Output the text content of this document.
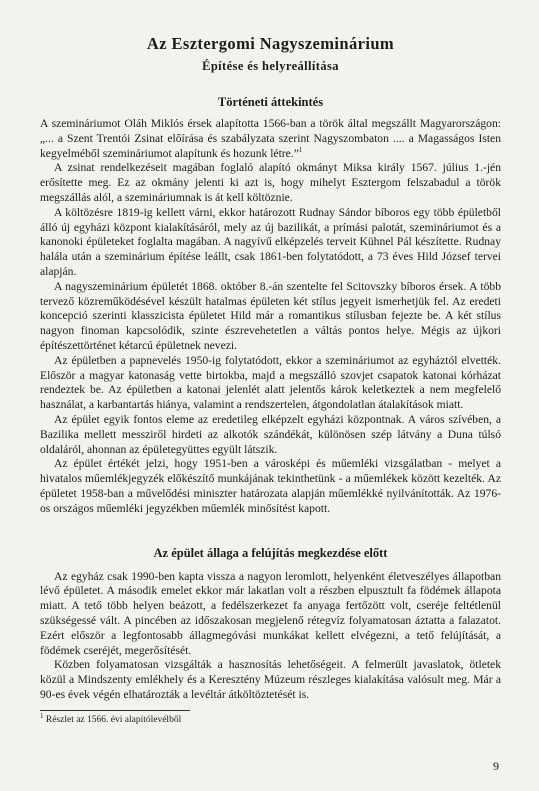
Az Esztergomi Nagyszeminárium
Építése és helyreállítása
Történeti áttekintés

A szemináriumot Oláh Miklós érsek alapította 1566-ban a török által megszállt Magyarországon: „... a Szent Trentói Zsinat előírása és szabályzata szerint Nagyszombaton .... a Magasságos Isten kegyelméből szemináriumot alapítunk és hozunk létre.”$^1$

A zsinat rendelkezéseit magában foglaló alapító okmányt Miksa király 1567. július 1.-jén erősítette meg. Ez az okmány jelenti ki azt is, hogy mihelyt Esztergom felszabadul a török megszállás alól, a szemináriumnak is át kell költöznie.

A költözésre 1819-ig kellett várni, ekkor határozott Rudnay Sándor bíboros egy több épületből álló új egyházi központ kialakításáról, mely az új bazilikát, a prímási palotát, szemináriumot és a kanonoki épületeket foglalta magában. A nagyívű elképzelés terveit Kühnel Pál készítette. Rudnay halála után a szeminárium építése leállt, csak 1861-ben folytatódott, a 73 éves Hild József tervei alapján.

A nagyszeminárium épületét 1868. október 8.-án szentelte fel Scitovszky bíboros érsek. A több tervező közreműködésével készült hatalmas épületen két stílus jegyeit ismerhetjük fel. Az eredeti koncepció szerinti klasszicista épületet Hild már a romantikus stílusban fejezte be. A két stílus nagyon finoman kapcsolódik, szinte észrevehetetlen a váltás pontos helye. Mégis az újkori építészettörténet kétarcú épületnek nevezi.

Az épületben a papnevelés 1950-ig folytatódott, ekkor a szemináriumot az egyháztól elvették. Először a magyar katonaság vette birtokba, majd a megszálló szovjet csapatok katonai kórházat rendeztek be. Az épületben a katonai jelenlét alatt jelentős károk keletkeztek a nem megfelelő használat, a karbantartás hiánya, valamint a rendszertelen, átgondolatlan átalakítások miatt.

Az épület egyik fontos eleme az eredetileg elképzelt egyházi központnak. A város szívében, a Bazilika mellett messziről hirdeti az alkotók szándékát, különösen szép látvány a Duna túlsó oldaláról, ahonnan az épületegyüttes egyült látszik.

Az épület értékét jelzi, hogy 1951-ben a városképi és műemléki vizsgálatban - melyet a hivatalos műemlékjegyzék előkészítő munkájának tekinthetünk - a műemlékek között kezelték. Az épületet 1958-ban a művelődési miniszter határozata alapján műemlékké nyilvánították. Az 1976-os országos műemléki jegyzékben műemlék minősítést kapott.

Az épület állaga a felújítás megkezdése előtt

Az egyház csak 1990-ben kapta vissza a nagyon leromlott, helyenként életveszélyes állapotban lévő épületet. A második emelet ekkor már lakatlan volt a részben elpusztult fa födémek állapota miatt. A tető több helyen beázott, a fedélszerkezet fa anyaga fertőzött volt, cseréje feltétlenül szükségessé vált. A pincében az időszakosan megjelenő rétegvíz folyamatosan áztatta a falazatot. Ezért először a legfontosabb állagmegóvási munkákat kellett elvégezni, a tető felújítását, a födémek cseréjét, megerősítését.

Közben folyamatosan vizsgálták a hasznosítás lehetőségeit. A felmerült javaslatok, ötletek közül a Mindszenty emlékhely és a Keresztény Múzeum részleges kialakítása valósult meg. Már a 90-es évek végén elhatározták a levéltár átköltöztetését is.

$^1$ Részlet az 1566. évi alapítólevélből

9
